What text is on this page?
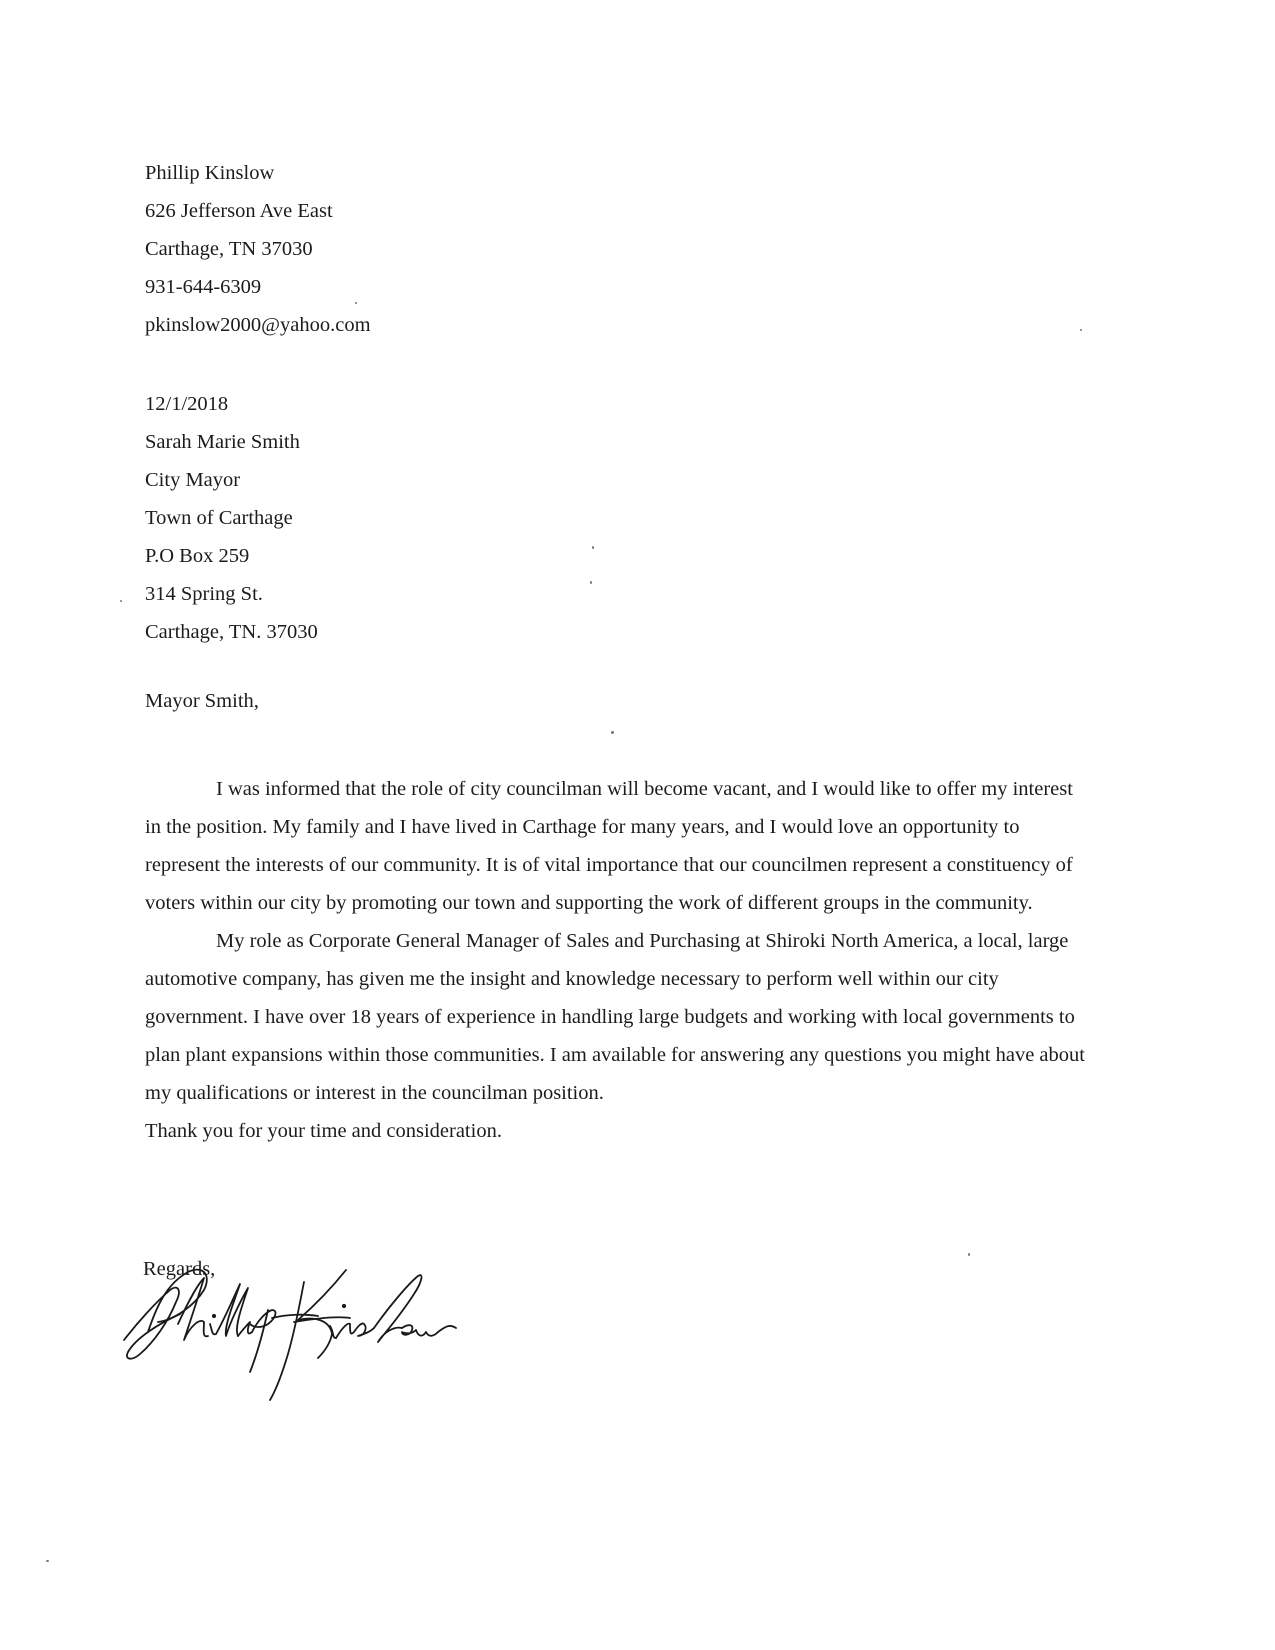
Phillip Kinslow
626 Jefferson Ave East
Carthage, TN 37030
931-644-6309
pkinslow2000@yahoo.com
12/1/2018
Sarah Marie Smith
City Mayor
Town of Carthage
P.O Box 259
314 Spring St.
Carthage, TN. 37030
Mayor Smith,

I was informed that the role of city councilman will become vacant, and I would like to offer my interest in the position. My family and I have lived in Carthage for many years, and I would love an opportunity to represent the interests of our community. It is of vital importance that our councilmen represent a constituency of voters within our city by promoting our town and supporting the work of different groups in the community.

My role as Corporate General Manager of Sales and Purchasing at Shiroki North America, a local, large automotive company, has given me the insight and knowledge necessary to perform well within our city government. I have over 18 years of experience in handling large budgets and working with local governments to plan plant expansions within those communities. I am available for answering any questions you might have about my qualifications or interest in the councilman position.

Thank you for your time and consideration.

Regards,
